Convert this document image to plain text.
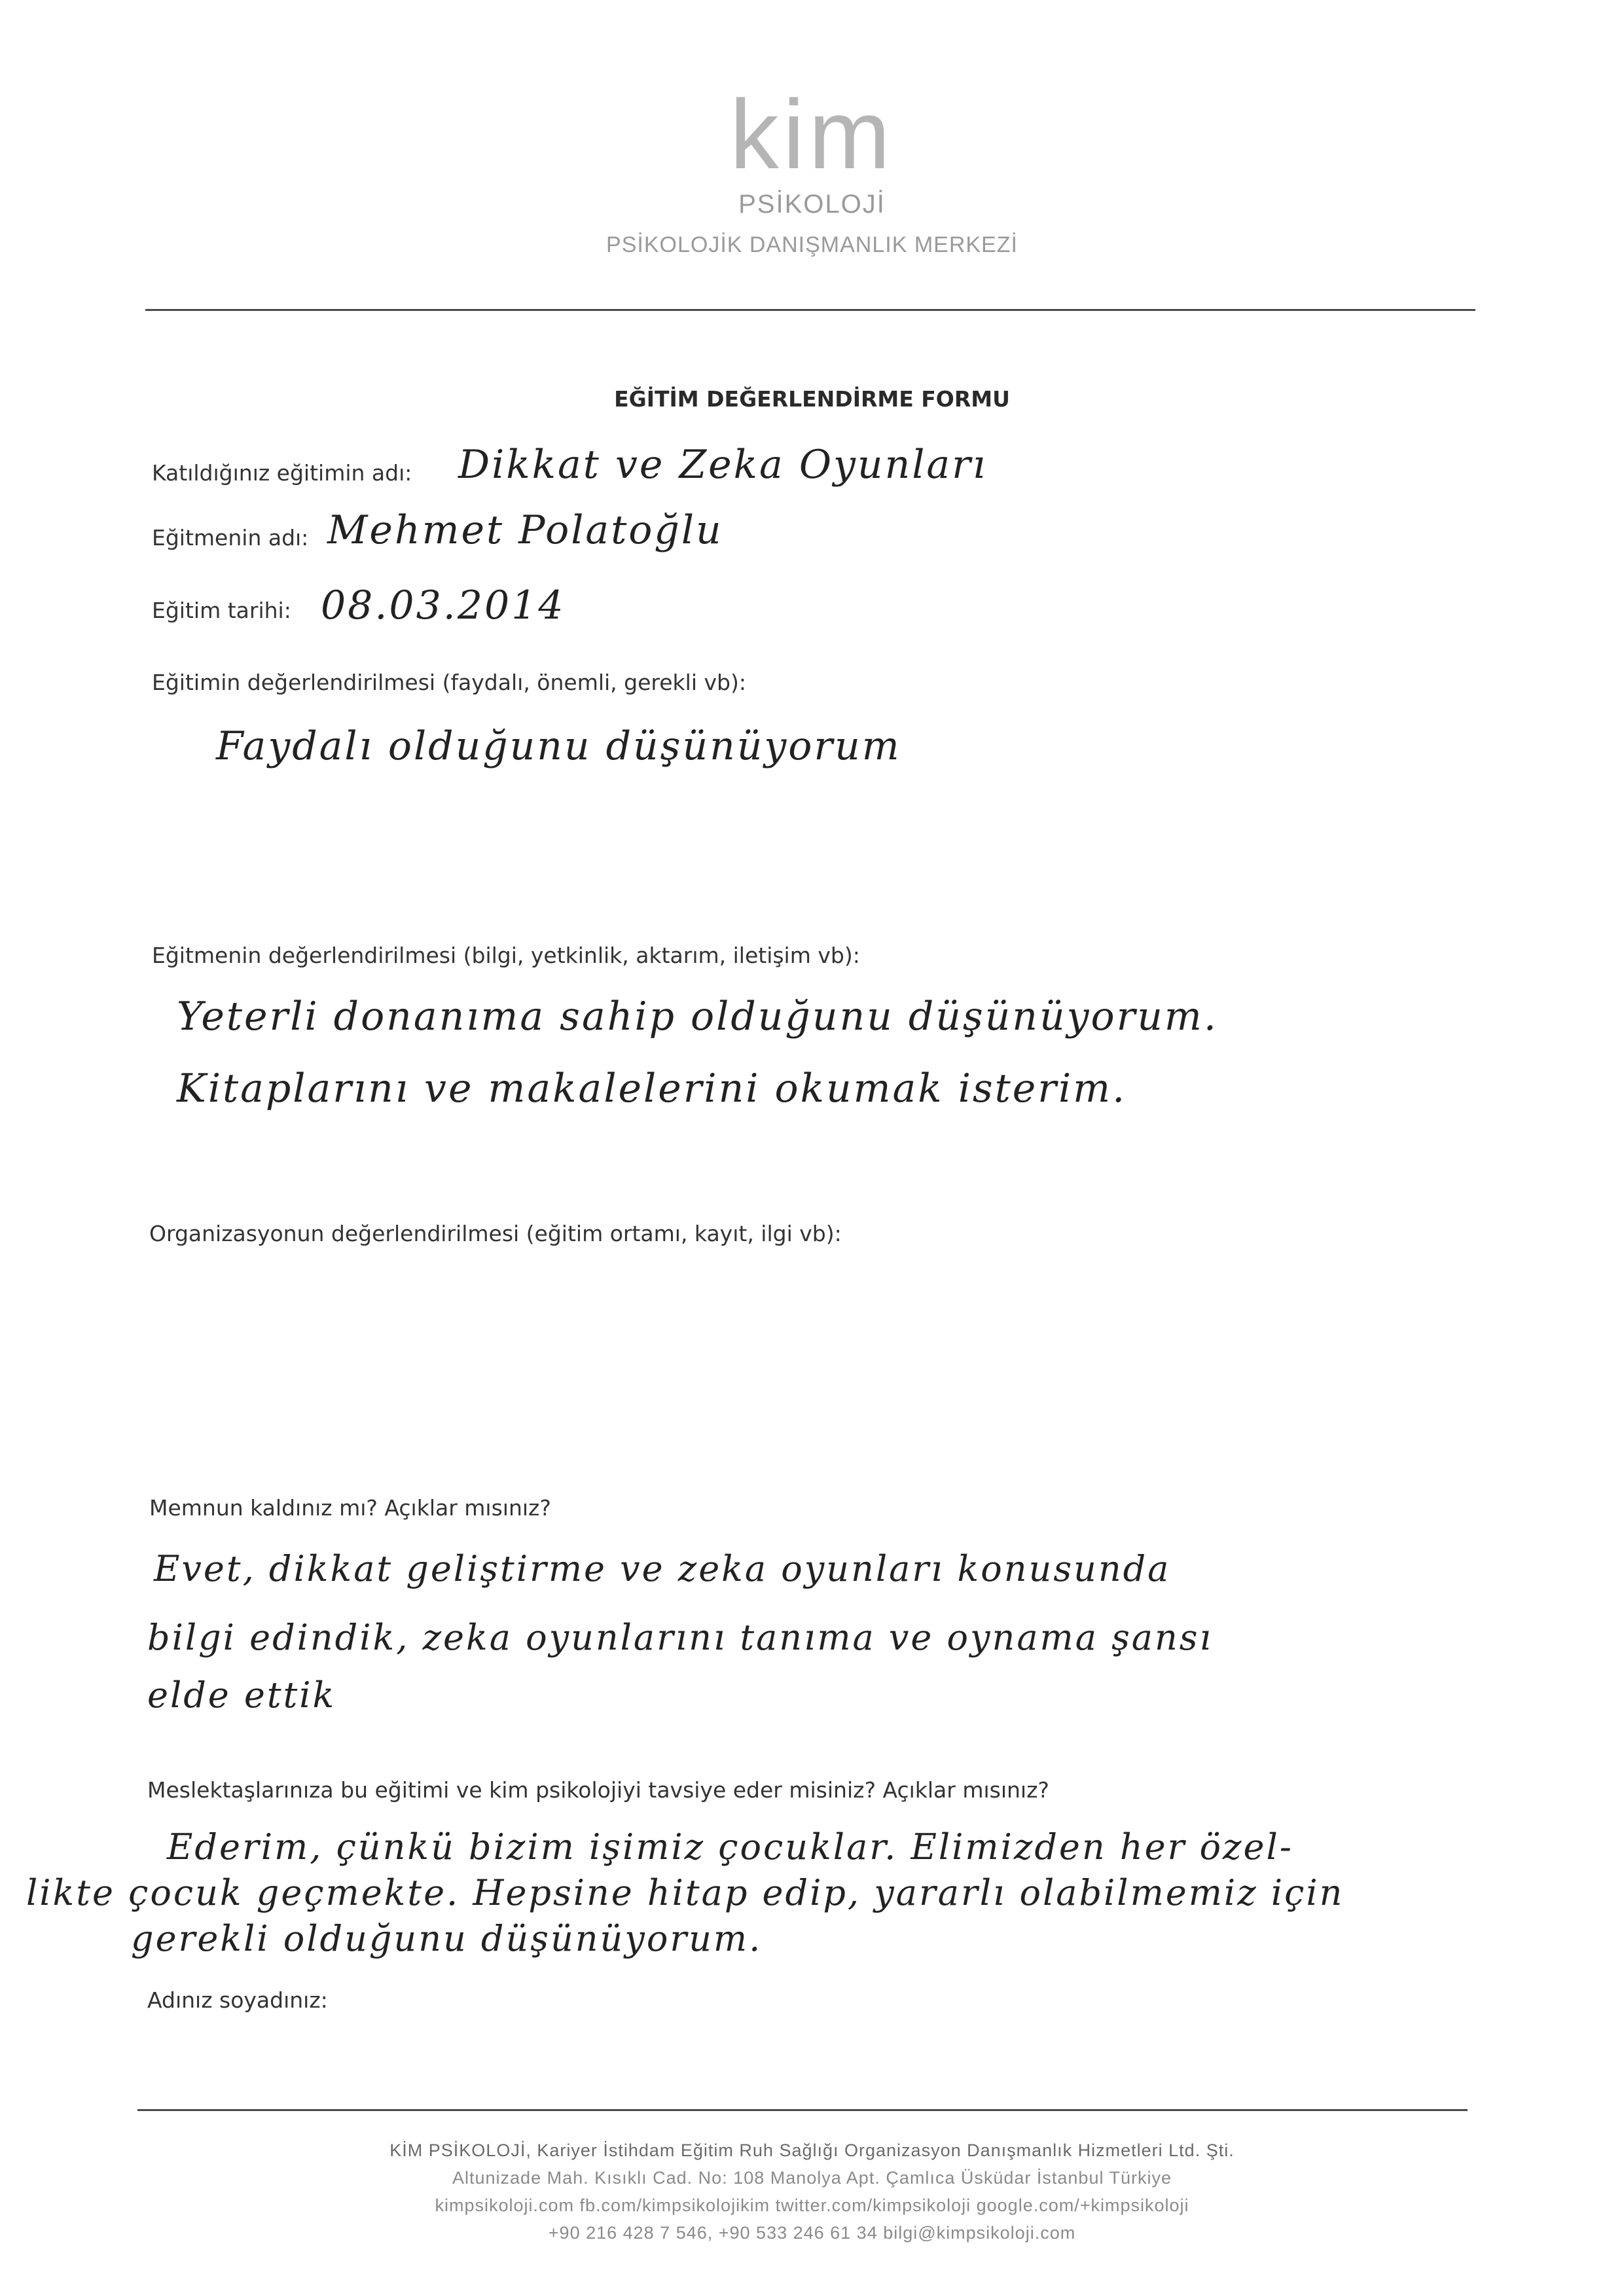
kim
PSİKOLOJİ
PSİKOLOJİK DANIŞMANLIK MERKEZİ
EĞİTİM DEĞERLENDİRME FORMU
Katıldığınız eğitimin adı: Dikkat ve Zeka Oyunları
Eğitmenin adı: Mehmet Polatoğlu
Eğitim tarihi: 08.03.2014
Eğitimin değerlendirilmesi (faydalı, önemli, gerekli vb):
Faydalı olduğunu düşünüyorum
Eğitmenin değerlendirilmesi (bilgi, yetkinlik, aktarım, iletişim vb):
Yeterli donanıma sahip olduğunu düşünüyorum.
Kitaplarını ve makalelerini okumak isterim.
Organizasyonun değerlendirilmesi (eğitim ortamı, kayıt, ilgi vb):
Memnun kaldınız mı? Açıklar mısınız?
Evet, dikkat geliştirme ve zeka oyunları konusunda
bilgi edindik, zeka oyunlarını tanıma ve oynama şansı
elde ettik
Meslektaşlarınıza bu eğitimi ve kim psikolojiyi tavsiye eder misiniz? Açıklar mısınız?
Ederim, çünkü bizim işimiz çocuklar. Elimizden her özel-
likte çocuk geçmekte. Hepsine hitap edip, yararlı olabilmemiz için
gerekli olduğunu düşünüyorum.
Adınız soyadınız:
KİM PSİKOLOJİ, Kariyer İstihdam Eğitim Ruh Sağlığı Organizasyon Danışmanlık Hizmetleri Ltd. Şti.
Altunizade Mah. Kısıklı Cad. No: 108 Manolya Apt. Çamlıca Üsküdar İstanbul Türkiye
kimpsikoloji.com fb.com/kimpsikolojikim twitter.com/kimpsikoloji google.com/+kimpsikoloji
+90 216 428 7 546, +90 533 246 61 34 bilgi@kimpsikoloji.com
